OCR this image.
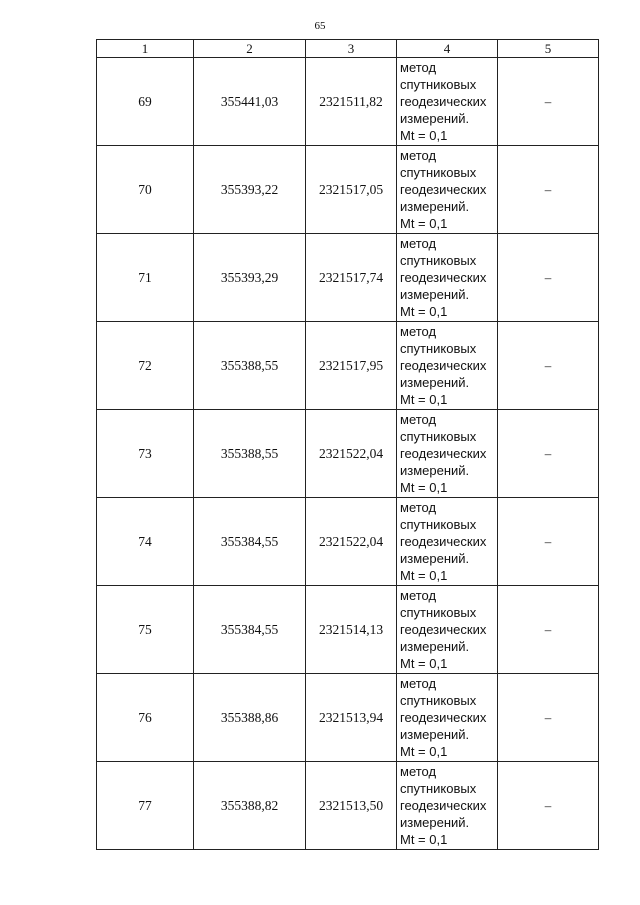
65
1	2	3	4	5
69	355441,03	2321511,82	метод
спутниковых
геодезических
измерений.
Mt = 0,1	–
70	355393,22	2321517,05	метод
спутниковых
геодезических
измерений.
Mt = 0,1	–
71	355393,29	2321517,74	метод
спутниковых
геодезических
измерений.
Mt = 0,1	–
72	355388,55	2321517,95	метод
спутниковых
геодезических
измерений.
Mt = 0,1	–
73	355388,55	2321522,04	метод
спутниковых
геодезических
измерений.
Mt = 0,1	–
74	355384,55	2321522,04	метод
спутниковых
геодезических
измерений.
Mt = 0,1	–
75	355384,55	2321514,13	метод
спутниковых
геодезических
измерений.
Mt = 0,1	–
76	355388,86	2321513,94	метод
спутниковых
геодезических
измерений.
Mt = 0,1	–
77	355388,82	2321513,50	метод
спутниковых
геодезических
измерений.
Mt = 0,1	–
